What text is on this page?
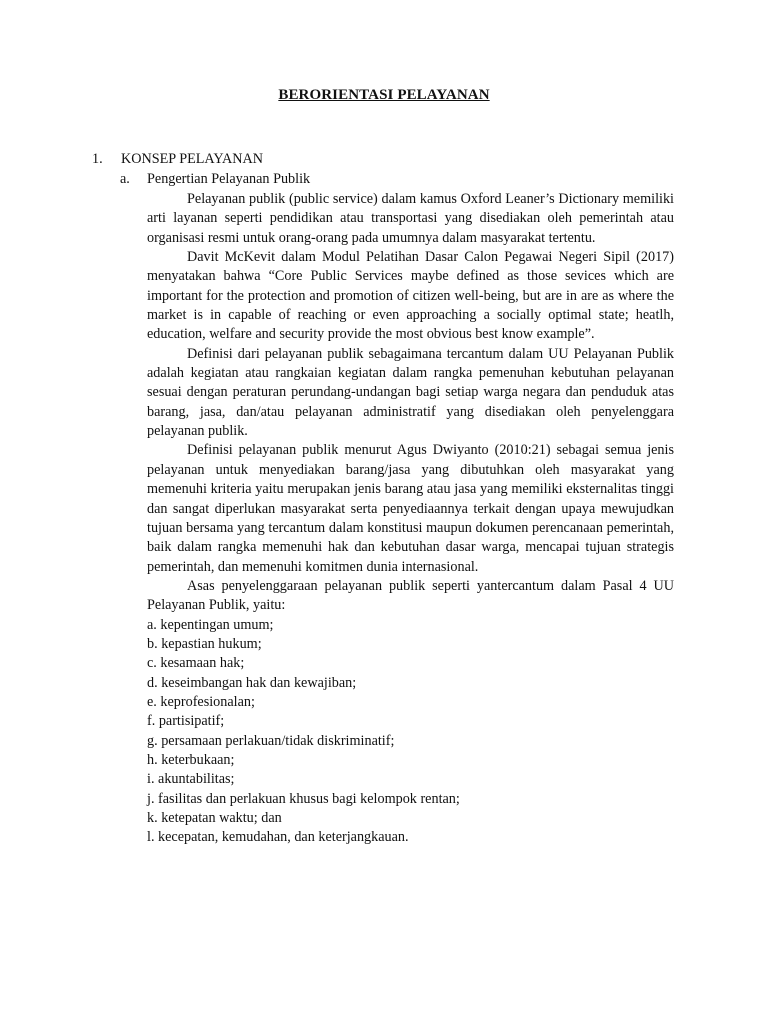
BERORIENTASI PELAYANAN
1. KONSEP PELAYANAN
a. Pengertian Pelayanan Publik

Pelayanan publik (public service) dalam kamus Oxford Leaner’s Dictionary memiliki arti layanan seperti pendidikan atau transportasi yang disediakan oleh pemerintah atau organisasi resmi untuk orang-orang pada umumnya dalam masyarakat tertentu.

Davit McKevit dalam Modul Pelatihan Dasar Calon Pegawai Negeri Sipil (2017) menyatakan bahwa “Core Public Services maybe defined as those sevices which are important for the protection and promotion of citizen well-being, but are in are as where the market is in capable of reaching or even approaching a socially optimal state; heatlh, education, welfare and security provide the most obvious best know example”.

Definisi dari pelayanan publik sebagaimana tercantum dalam UU Pelayanan Publik adalah kegiatan atau rangkaian kegiatan dalam rangka pemenuhan kebutuhan pelayanan sesuai dengan peraturan perundang-undangan bagi setiap warga negara dan penduduk atas barang, jasa, dan/atau pelayanan administratif yang disediakan oleh penyelenggara pelayanan publik.

Definisi pelayanan publik menurut Agus Dwiyanto (2010:21) sebagai semua jenis pelayanan untuk menyediakan barang/jasa yang dibutuhkan oleh masyarakat yang memenuhi kriteria yaitu merupakan jenis barang atau jasa yang memiliki eksternalitas tinggi dan sangat diperlukan masyarakat serta penyediaannya terkait dengan upaya mewujudkan tujuan bersama yang tercantum dalam konstitusi maupun dokumen perencanaan pemerintah, baik dalam rangka memenuhi hak dan kebutuhan dasar warga, mencapai tujuan strategis pemerintah, dan memenuhi komitmen dunia internasional.

Asas penyelenggaraan pelayanan publik seperti yantercantum dalam Pasal 4 UU Pelayanan Publik, yaitu:

a. kepentingan umum;
b. kepastian hukum;
c. kesamaan hak;
d. keseimbangan hak dan kewajiban;
e. keprofesionalan;
f. partisipatif;
g. persamaan perlakuan/tidak diskriminatif;
h. keterbukaan;
i. akuntabilitas;
j. fasilitas dan perlakuan khusus bagi kelompok rentan;
k. ketepatan waktu; dan
l. kecepatan, kemudahan, dan keterjangkauan.
